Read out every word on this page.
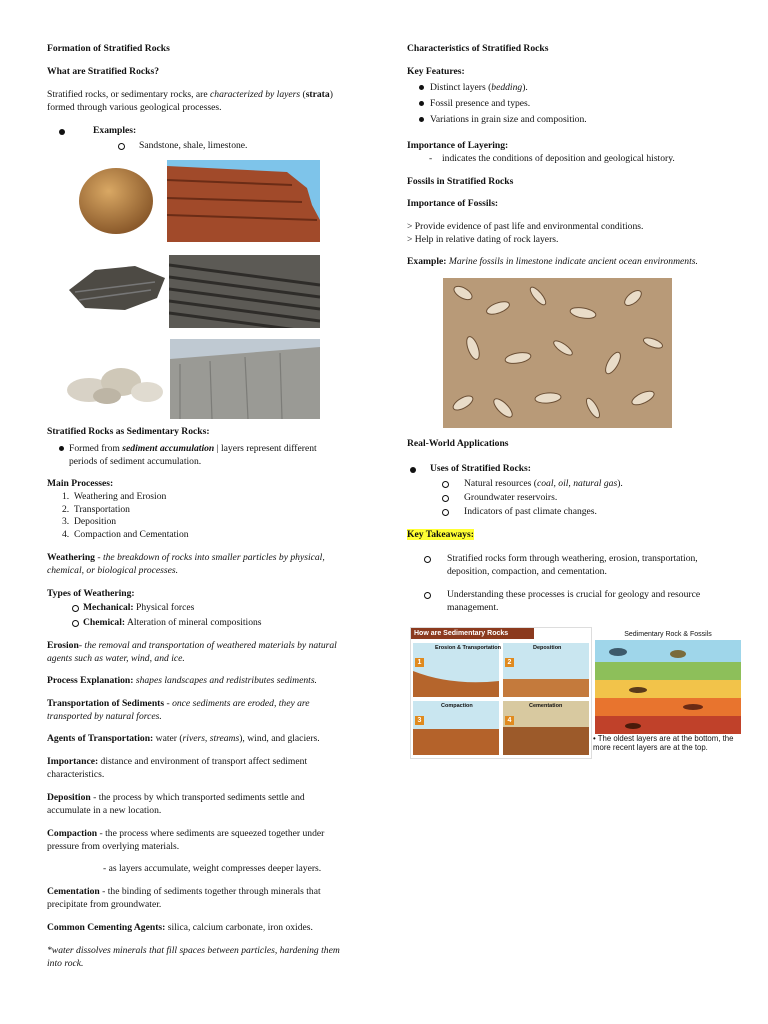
Formation of Stratified Rocks
What are Stratified Rocks?
Stratified rocks, or sedimentary rocks, are characterized by layers (strata)
formed through various geological processes.
Examples:
Sandstone, shale, limestone.
Stratified Rocks as Sedimentary Rocks:
Formed from sediment accumulation | layers represent different
periods of sediment accumulation.
Main Processes:
1.  Weathering and Erosion
2.  Transportation
3.  Deposition
4.  Compaction and Cementation
Weathering - the breakdown of rocks into smaller particles by physical,
chemical, or biological processes.
Types of Weathering:
Mechanical: Physical forces
Chemical: Alteration of mineral compositions
Erosion- the removal and transportation of weathered materials by natural
agents such as water, wind, and ice.
Process Explanation: shapes landscapes and redistributes sediments.
Transportation of Sediments - once sediments are eroded, they are
transported by natural forces.
Agents of Transportation: water (rivers, streams), wind, and glaciers.
Importance: distance and environment of transport affect sediment
characteristics.
Deposition - the process by which transported sediments settle and
accumulate in a new location.
Compaction - the process where sediments are squeezed together under
pressure from overlying materials.
- as layers accumulate, weight compresses deeper layers.
Cementation - the binding of sediments together through minerals that
precipitate from groundwater.
Common Cementing Agents: silica, calcium carbonate, iron oxides.
*water dissolves minerals that fill spaces between particles, hardening them
into rock.
Characteristics of Stratified Rocks
Key Features:
Distinct layers (bedding).
Fossil presence and types.
Variations in grain size and composition.
Importance of Layering:
- indicates the conditions of deposition and geological history.
Fossils in Stratified Rocks
Importance of Fossils:
> Provide evidence of past life and environmental conditions.
> Help in relative dating of rock layers.
Example: Marine fossils in limestone indicate ancient ocean environments.
Real-World Applications
Uses of Stratified Rocks:
Natural resources (coal, oil, natural gas).
Groundwater reservoirs.
Indicators of past climate changes.
Key Takeaways:
Stratified rocks form through weathering, erosion, transportation,
deposition, compaction, and cementation.
Understanding these processes is crucial for geology and resource
management.
How are Sedimentary Rocks
Erosion & Transportation	Deposition
Compaction	Cementation
1	2
3	4
Sedimentary Rock & Fossils
• The oldest layers are at the bottom, the
more recent layers are at the top.
